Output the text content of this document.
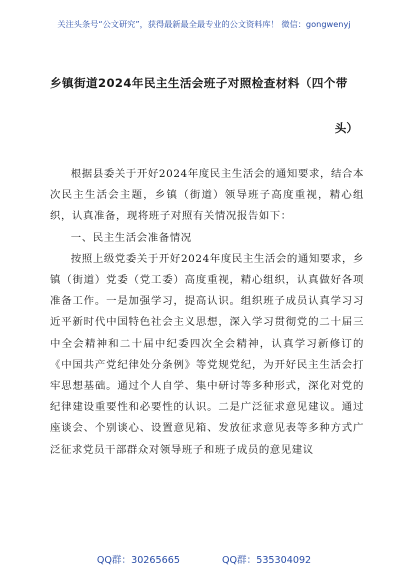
关注头条号“公文研究”，获得最新最全最专业的公文资料库！ 微信：gongwenyj
乡镇街道2024年民主生活会班子对照检查材料（四个带
头）

根据县委关于开好2024年度民主生活会的通知要求，结合本次民主生活会主题，乡镇（街道）领导班子高度重视，精心组织，认真准备，现将班子对照有关情况报告如下：

一、民主生活会准备情况

按照上级党委关于开好2024年度民主生活会的通知要求，乡镇（街道）党委（党工委）高度重视，精心组织，认真做好各项准备工作。一是加强学习，提高认识。组织班子成员认真学习习近平新时代中国特色社会主义思想，深入学习贯彻党的二十届三中全会精神和二十届中纪委四次全会精神，认真学习新修订的《中国共产党纪律处分条例》等党规党纪，为开好民主生活会打牢思想基础。通过个人自学、集中研讨等多种形式，深化对党的纪律建设重要性和必要性的认识。二是广泛征求意见建议。通过座谈会、个别谈心、设置意见箱、发放征求意见表等多种方式广泛征求党员干部群众对领导班子和班子成员的意见建议

QQ群：30265665	QQ群：535304092
